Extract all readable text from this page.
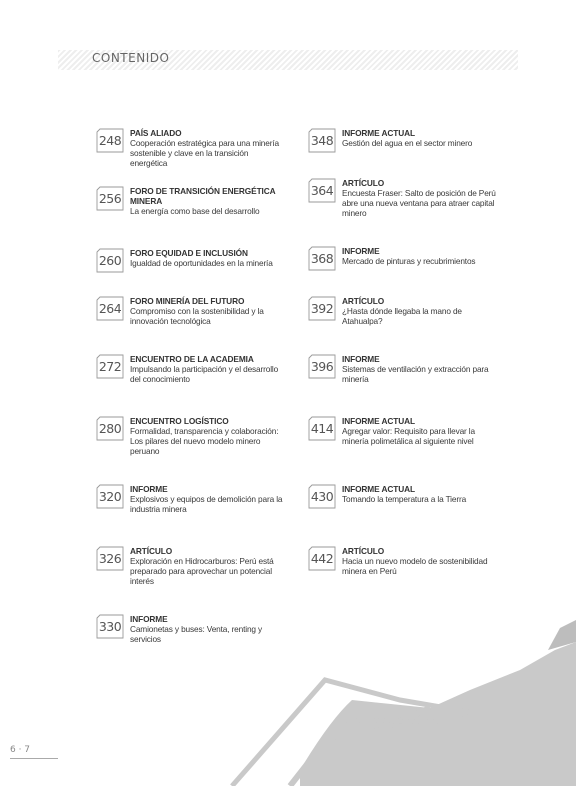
CONTENIDO
248	PAÍS ALIADO
Cooperación estratégica para una minería sostenible y clave en la transición energética
256	FORO DE TRANSICIÓN ENERGÉTICA MINERA
La energía como base del desarrollo
260	FORO EQUIDAD E INCLUSIÓN
Igualdad de oportunidades en la minería
264	FORO MINERÍA DEL FUTURO
Compromiso con la sostenibilidad y la innovación tecnológica
272	ENCUENTRO DE LA ACADEMIA
Impulsando la participación y el desarrollo del conocimiento
280	ENCUENTRO LOGÍSTICO
Formalidad, transparencia y colaboración: Los pilares del nuevo modelo minero peruano
320	INFORME
Explosivos y equipos de demolición para la industria minera
326	ARTÍCULO
Exploración en Hidrocarburos: Perú está preparado para aprovechar un potencial interés
330	INFORME
Camionetas y buses: Venta, renting y servicios
348	INFORME ACTUAL
Gestión del agua en el sector minero
364	ARTÍCULO
Encuesta Fraser: Salto de posición de Perú abre una nueva ventana para atraer capital minero
368	INFORME
Mercado de pinturas y recubrimientos
392	ARTÍCULO
¿Hasta dónde llegaba la mano de Atahualpa?
396	INFORME
Sistemas de ventilación y extracción para minería
414	INFORME ACTUAL
Agregar valor: Requisito para llevar la minería polimetálica al siguiente nivel
430	INFORME ACTUAL
Tomando la temperatura a la Tierra
442	ARTÍCULO
Hacia un nuevo modelo de sostenibilidad minera en Perú
6 · 7
